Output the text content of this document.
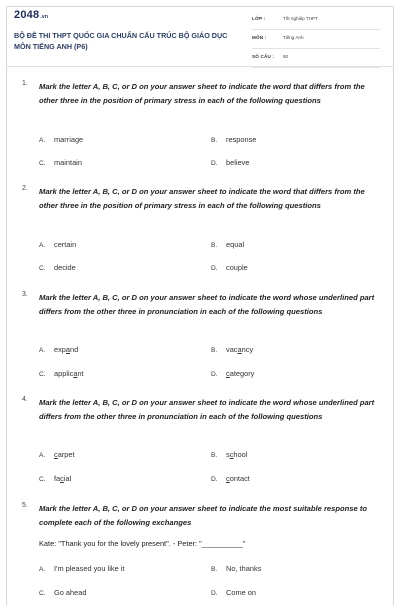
2048.vn
BỘ ĐỀ THI THPT QUỐC GIA CHUẨN CẤU TRÚC BỘ GIÁO DỤC MÔN TIẾNG ANH (P6)
LỚP :	Tốt nghiệp THPT
MÔN :	Tiếng Anh
SỐ CÂU : 50
1. Mark the letter A, B, C, or D on your answer sheet to indicate the word that differs from the other three in the position of primary stress in each of the following questions
A. marriage	B. response
C. maintain	D. believe
2. Mark the letter A, B, C, or D on your answer sheet to indicate the word that differs from the other three in the position of primary stress in each of the following questions
A. certain	B. equal
C. decide	D. couple
3. Mark the letter A, B, C, or D on your answer sheet to indicate the word whose underlined part differs from the other three in pronunciation in each of the following questions
A. expand	B. vacancy
C. applicant	D. category
4. Mark the letter A, B, C, or D on your answer sheet to indicate the word whose underlined part differs from the other three in pronunciation in each of the following questions
A. carpet	B. school
C. facial	D. contact
5. Mark the letter A, B, C, or D on your answer sheet to indicate the most suitable response to complete each of the following exchanges
Kate: "Thank you for the lovely present". - Peter: "__________"
A. I'm pleased you like it	B. No, thanks
C. Go ahead	D. Come on
